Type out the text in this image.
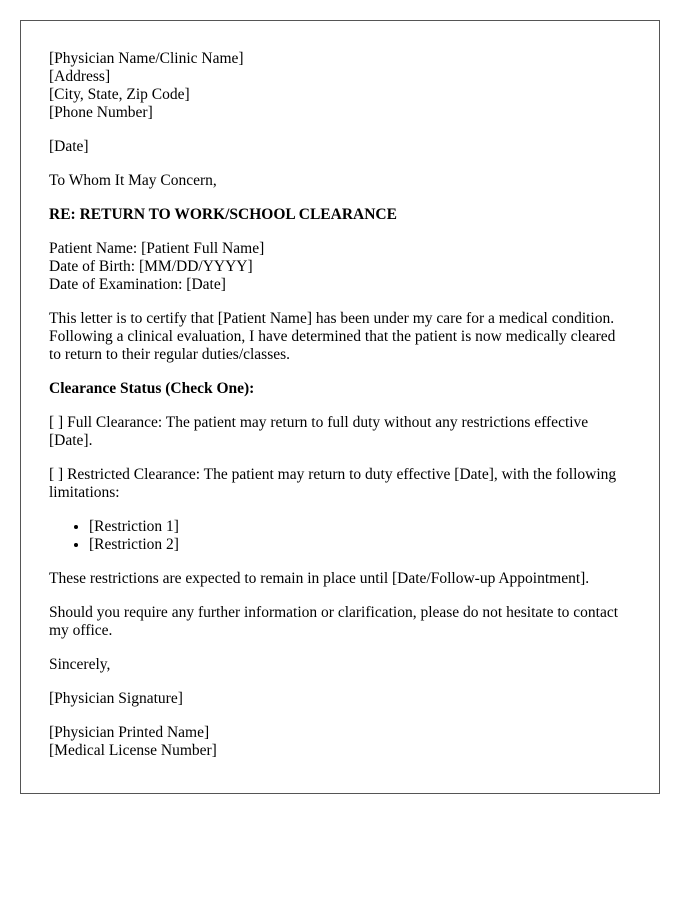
[Physician Name/Clinic Name]
[Address]
[City, State, Zip Code]
[Phone Number]

[Date]

To Whom It May Concern,

RE: RETURN TO WORK/SCHOOL CLEARANCE

Patient Name: [Patient Full Name]
Date of Birth: [MM/DD/YYYY]
Date of Examination: [Date]

This letter is to certify that [Patient Name] has been under my care for a medical condition. Following a clinical evaluation, I have determined that the patient is now medically cleared to return to their regular duties/classes.

Clearance Status (Check One):

[ ] Full Clearance: The patient may return to full duty without any restrictions effective [Date].

[ ] Restricted Clearance: The patient may return to duty effective [Date], with the following limitations:

• [Restriction 1]
• [Restriction 2]

These restrictions are expected to remain in place until [Date/Follow-up Appointment].

Should you require any further information or clarification, please do not hesitate to contact my office.

Sincerely,

[Physician Signature]

[Physician Printed Name]
[Medical License Number]
